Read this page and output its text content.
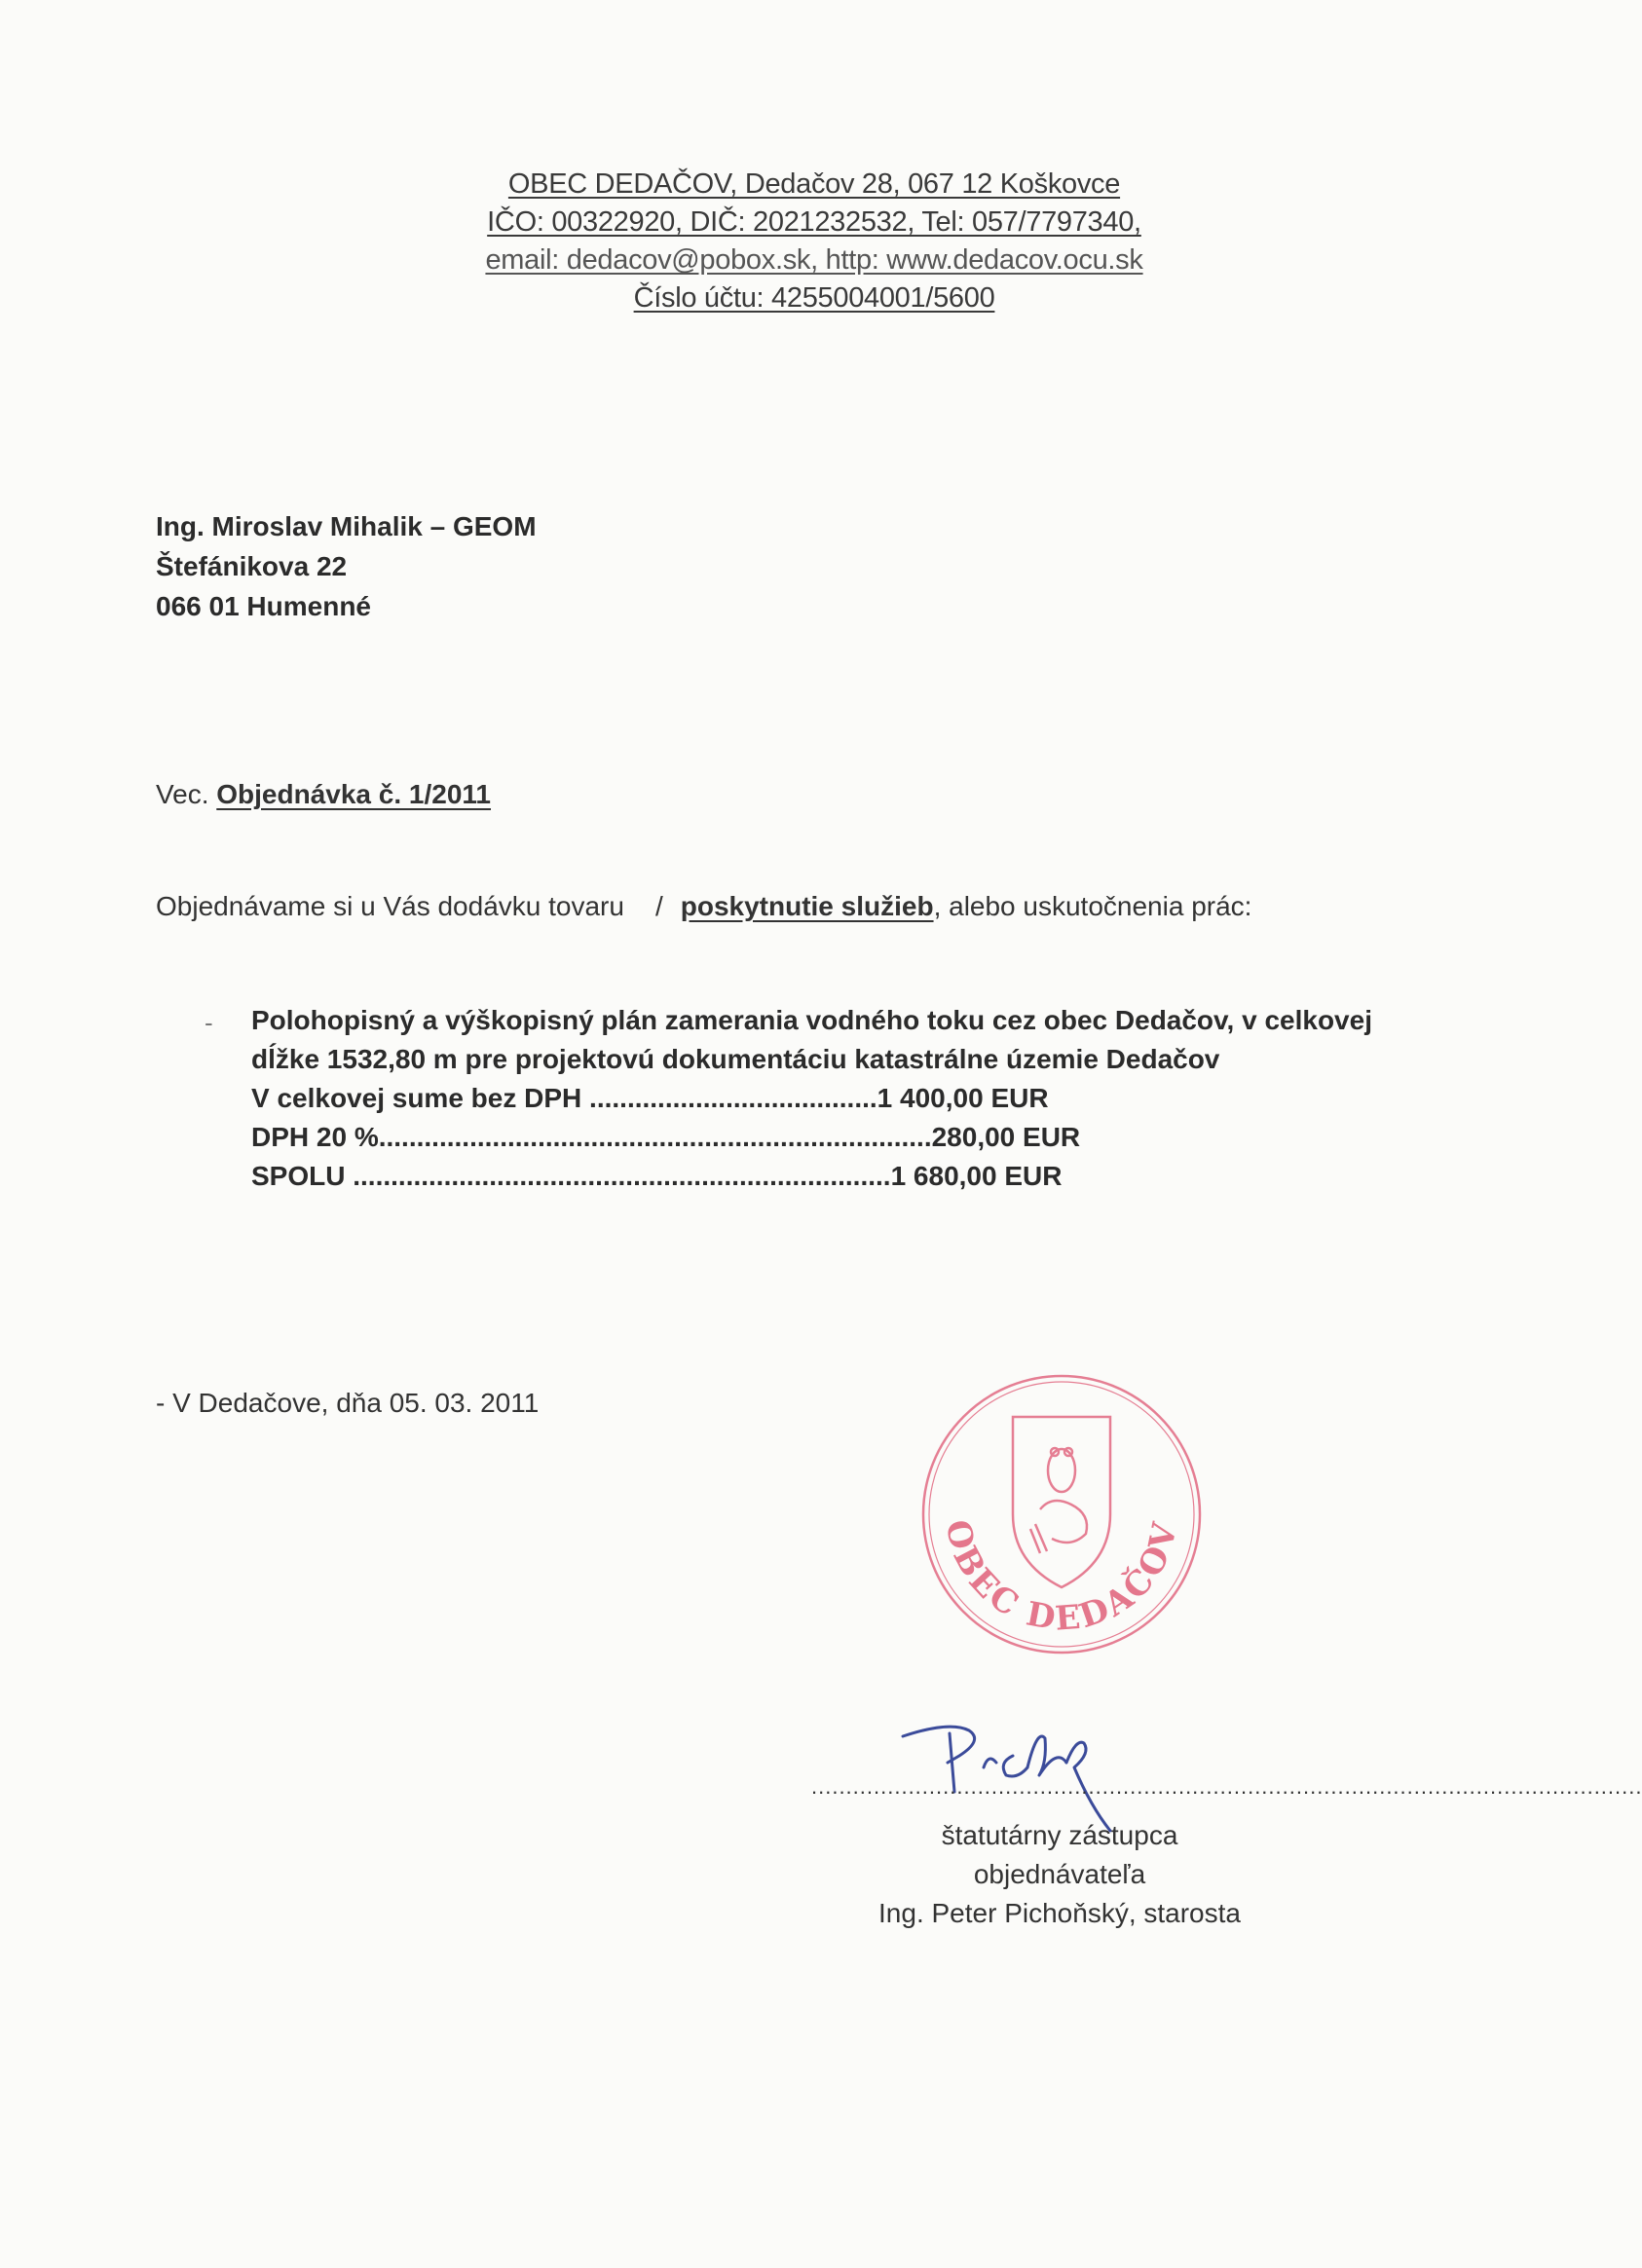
OBEC DEDAČOV, Dedačov 28, 067 12 Koškovce
IČO: 00322920, DIČ: 2021232532, Tel: 057/7797340,
email: dedacov@pobox.sk, http: www.dedacov.ocu.sk
Číslo účtu: 4255004001/5600
Ing. Miroslav Mihalik – GEOM
Štefánikova 22
066 01 Humenné
Vec. Objednávka č. 1/2011
Objednávame si u Vás dodávku tovaru / poskytnutie služieb, alebo uskutočnenia prác:
- Polohopisný a výškopisný plán zamerania vodného toku cez obec Dedačov, v celkovej
dĺžke 1532,80 m pre projektovú dokumentáciu katastrálne územie Dedačov
V celkovej sume bez DPH ......................................1 400,00 EUR
DPH 20 %.........................................................................280,00 EUR
SPOLU .......................................................................1 680,00 EUR
- V Dedačove, dňa 05. 03. 2011
OBEC DEDAČOV
........................................................................................................................
štatutárny zástupca objednávateľa
Ing. Peter Pichoňský, starosta
